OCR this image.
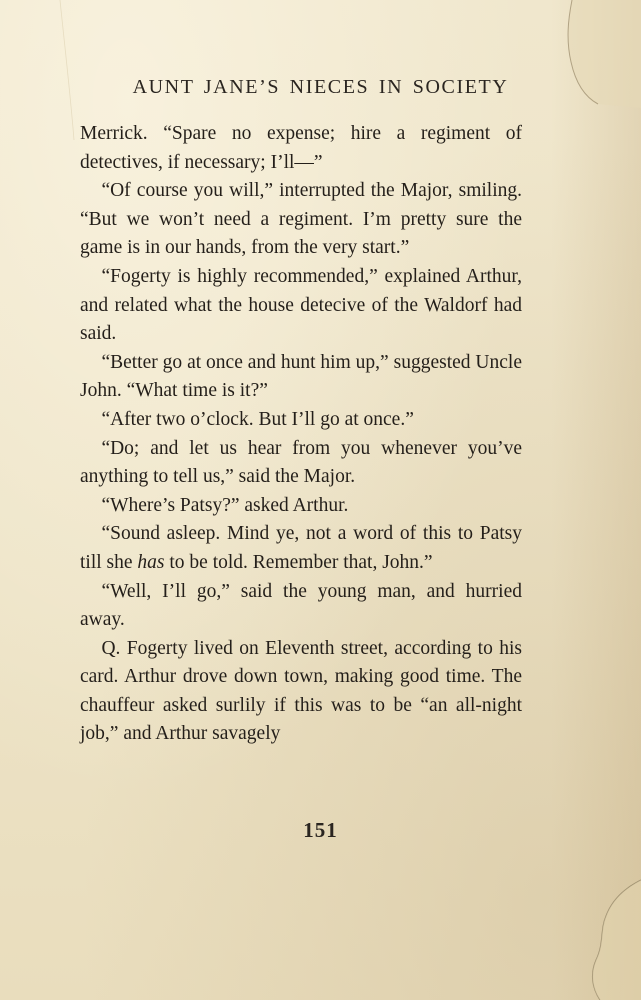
AUNT JANE’S NIECES IN SOCIETY

Merrick. “Spare no expense; hire a regiment of detectives, if necessary; I’ll—”

“Of course you will,” interrupted the Major, smiling. “But we won’t need a regiment. I’m pretty sure the game is in our hands, from the very start.”

“Fogerty is highly recommended,” explained Arthur, and related what the house detecive of the Waldorf had said.

“Better go at once and hunt him up,” suggested Uncle John. “What time is it?”

“After two o’clock. But I’ll go at once.”

“Do; and let us hear from you whenever you’ve anything to tell us,” said the Major.

“Where’s Patsy?” asked Arthur.

“Sound asleep. Mind ye, not a word of this to Patsy till she has to be told. Remember that, John.”

“Well, I’ll go,” said the young man, and hurried away.

Q. Fogerty lived on Eleventh street, according to his card. Arthur drove down town, making good time. The chauffeur asked surlily if this was to be “an all-night job,” and Arthur savagely

151
